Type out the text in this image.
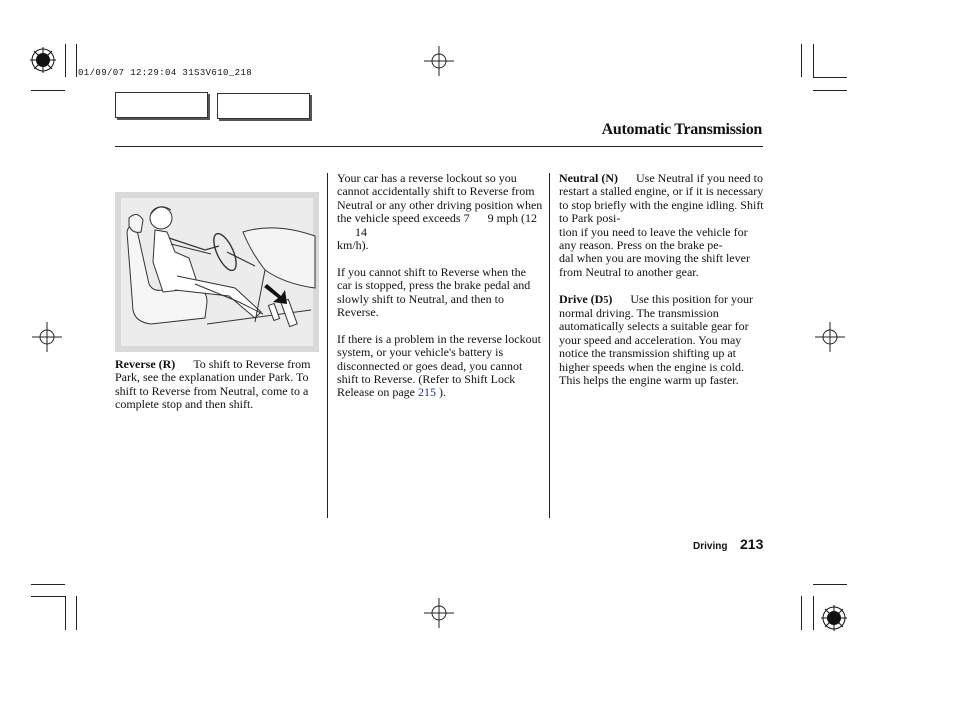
01/09/07 12:29:04 31S3V610_218
Automatic Transmission

Reverse (R) To shift to Reverse from Park, see the explanation under Park. To shift to Reverse from Neutral, come to a complete stop and then shift.

Your car has a reverse lockout so you cannot accidentally shift to Reverse from Neutral or any other driving position when the vehicle speed exceeds 7 9 mph (1214
km/h).

If you cannot shift to Reverse when the car is stopped, press the brake pedal and slowly shift to Neutral, and then to Reverse.

If there is a problem in the reverse lockout system, or your vehicle's battery is disconnected or goes dead, you cannot shift to Reverse. (Refer to Shift Lock Release on page 215 ).

Neutral (N) Use Neutral if you need to restart a stalled engine, or if it is necessary to stop briefly with the engine idling. Shift to Park posi-
tion if you need to leave the vehicle for any reason. Press on the brake pe-
dal when you are moving the shift lever from Neutral to another gear.

Drive (D5) Use this position for your normal driving. The transmission automatically selects a suitable gear for your speed and acceleration. You may notice the transmission shifting up at higher speeds when the engine is cold. This helps the engine warm up faster.

Driving 213
